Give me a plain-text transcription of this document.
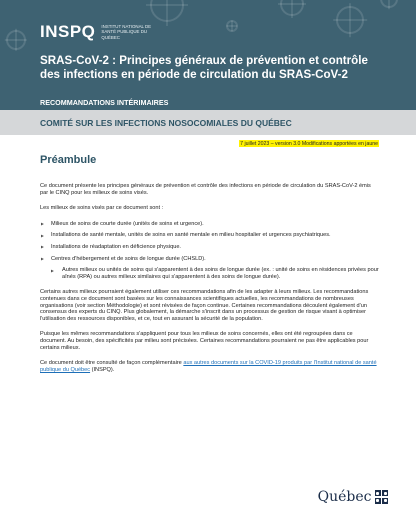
INSPQ INSTITUT NATIONAL DE SANTÉ PUBLIQUE DU QUÉBEC
SRAS-CoV-2 : Principes généraux de prévention et contrôle des infections en période de circulation du SRAS-CoV-2
RECOMMANDATIONS INTÉRIMAIRES
COMITÉ SUR LES INFECTIONS NOSOCOMIALES DU QUÉBEC
7 juillet 2023 – version 3.0 Modifications apportées en jaune
Préambule

Ce document présente les principes généraux de prévention et contrôle des infections en période de circulation du SRAS-CoV-2 émis par le CINQ pour les milieux de soins visés.

Les milieux de soins visés par ce document sont :

▶ Milieux de soins de courte durée (unités de soins et urgence).
▶ Installations de santé mentale, unités de soins en santé mentale en milieu hospitalier et urgences psychiatriques.
▶ Installations de réadaptation en déficience physique.
▶ Centres d'hébergement et de soins de longue durée (CHSLD).
▶ Autres milieux ou unités de soins qui s'apparentent à des soins de longue durée (ex. : unité de soins en résidences privées pour aînés (RPA) ou autres milieux similaires qui s'apparentent à des soins de longue durée).

Certains autres milieux pourraient également utiliser ces recommandations afin de les adapter à leurs milieux. Les recommandations contenues dans ce document sont basées sur les connaissances scientifiques actuelles, les recommandations de nombreuses organisations (voir section Méthodologie) et sont révisées de façon continue. Certaines recommandations découlent également d'un consensus des experts du CINQ. Plus globalement, la démarche s'inscrit dans un processus de gestion de risque visant à optimiser l'utilisation des ressources disponibles, et ce, tout en assurant la sécurité de la population.

Puisque les mêmes recommandations s'appliquent pour tous les milieux de soins concernés, elles ont été regroupées dans ce document. Au besoin, des spécificités par milieu sont précisées. Certaines recommandations pourraient ne pas être applicables pour certains milieux.

Ce document doit être consulté de façon complémentaire aux autres documents sur la COVID-19 produits par l'Institut national de santé publique du Québec (INSPQ).

Québec
